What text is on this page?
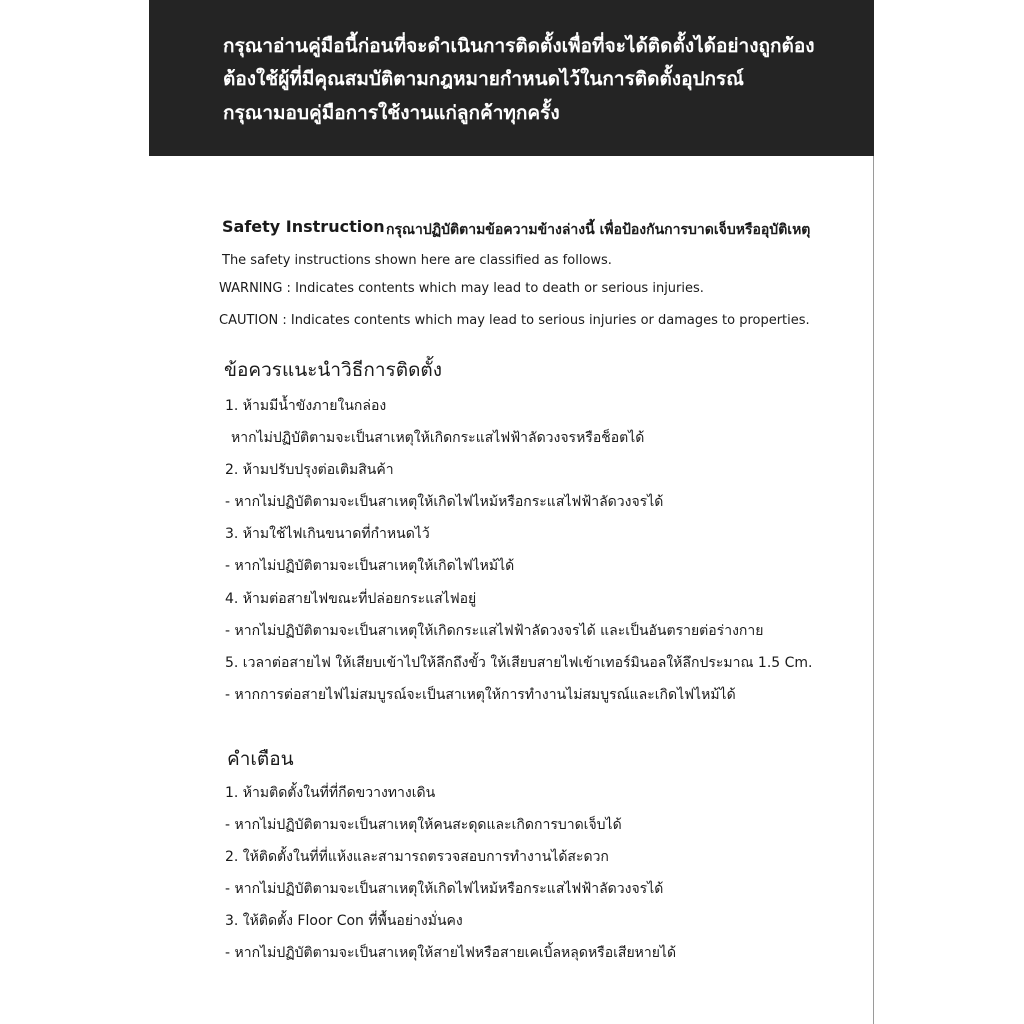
กรุณาอ่านคู่มือนี้ก่อนที่จะดำเนินการติดตั้งเพื่อที่จะได้ติดตั้งได้อย่างถูกต้อง
ต้องใช้ผู้ที่มีคุณสมบัติตามกฎหมายกำหนดไว้ในการติดตั้งอุปกรณ์
กรุณามอบคู่มือการใช้งานแก่ลูกค้าทุกครั้ง
Safety Instruction กรุณาปฏิบัติตามข้อความข้างล่างนี้ เพื่อป้องกันการบาดเจ็บหรืออุบัติเหตุ
The safety instructions shown here are classified as follows.
WARNING : Indicates contents which may lead to death or serious injuries.
CAUTION : Indicates contents which may lead to serious injuries or damages to properties.
ข้อควรแนะนำวิธีการติดตั้ง
1. ห้ามมีน้ำขังภายในกล่อง
หากไม่ปฏิบัติตามจะเป็นสาเหตุให้เกิดกระแสไฟฟ้าลัดวงจรหรือช็อตได้
2. ห้ามปรับปรุงต่อเติมสินค้า
- หากไม่ปฏิบัติตามจะเป็นสาเหตุให้เกิดไฟไหม้หรือกระแสไฟฟ้าลัดวงจรได้
3. ห้ามใช้ไฟเกินขนาดที่กำหนดไว้
- หากไม่ปฏิบัติตามจะเป็นสาเหตุให้เกิดไฟไหม้ได้
4. ห้ามต่อสายไฟขณะที่ปล่อยกระแสไฟอยู่
- หากไม่ปฏิบัติตามจะเป็นสาเหตุให้เกิดกระแสไฟฟ้าลัดวงจรได้ และเป็นอันตรายต่อร่างกาย
5. เวลาต่อสายไฟ ให้เสียบเข้าไปให้ลึกถึงขั้ว ให้เสียบสายไฟเข้าเทอร์มินอลให้ลึกประมาณ 1.5 Cm.
- หากการต่อสายไฟไม่สมบูรณ์จะเป็นสาเหตุให้การทำงานไม่สมบูรณ์และเกิดไฟไหม้ได้
คำเตือน
1. ห้ามติดตั้งในที่ที่กีดขวางทางเดิน
- หากไม่ปฏิบัติตามจะเป็นสาเหตุให้คนสะดุดและเกิดการบาดเจ็บได้
2. ให้ติดตั้งในที่ที่แห้งและสามารถตรวจสอบการทำงานได้สะดวก
- หากไม่ปฏิบัติตามจะเป็นสาเหตุให้เกิดไฟไหม้หรือกระแสไฟฟ้าลัดวงจรได้
3. ให้ติดตั้ง Floor Con ที่พื้นอย่างมั่นคง
- หากไม่ปฏิบัติตามจะเป็นสาเหตุให้สายไฟหรือสายเคเบิ้ลหลุดหรือเสียหายได้
